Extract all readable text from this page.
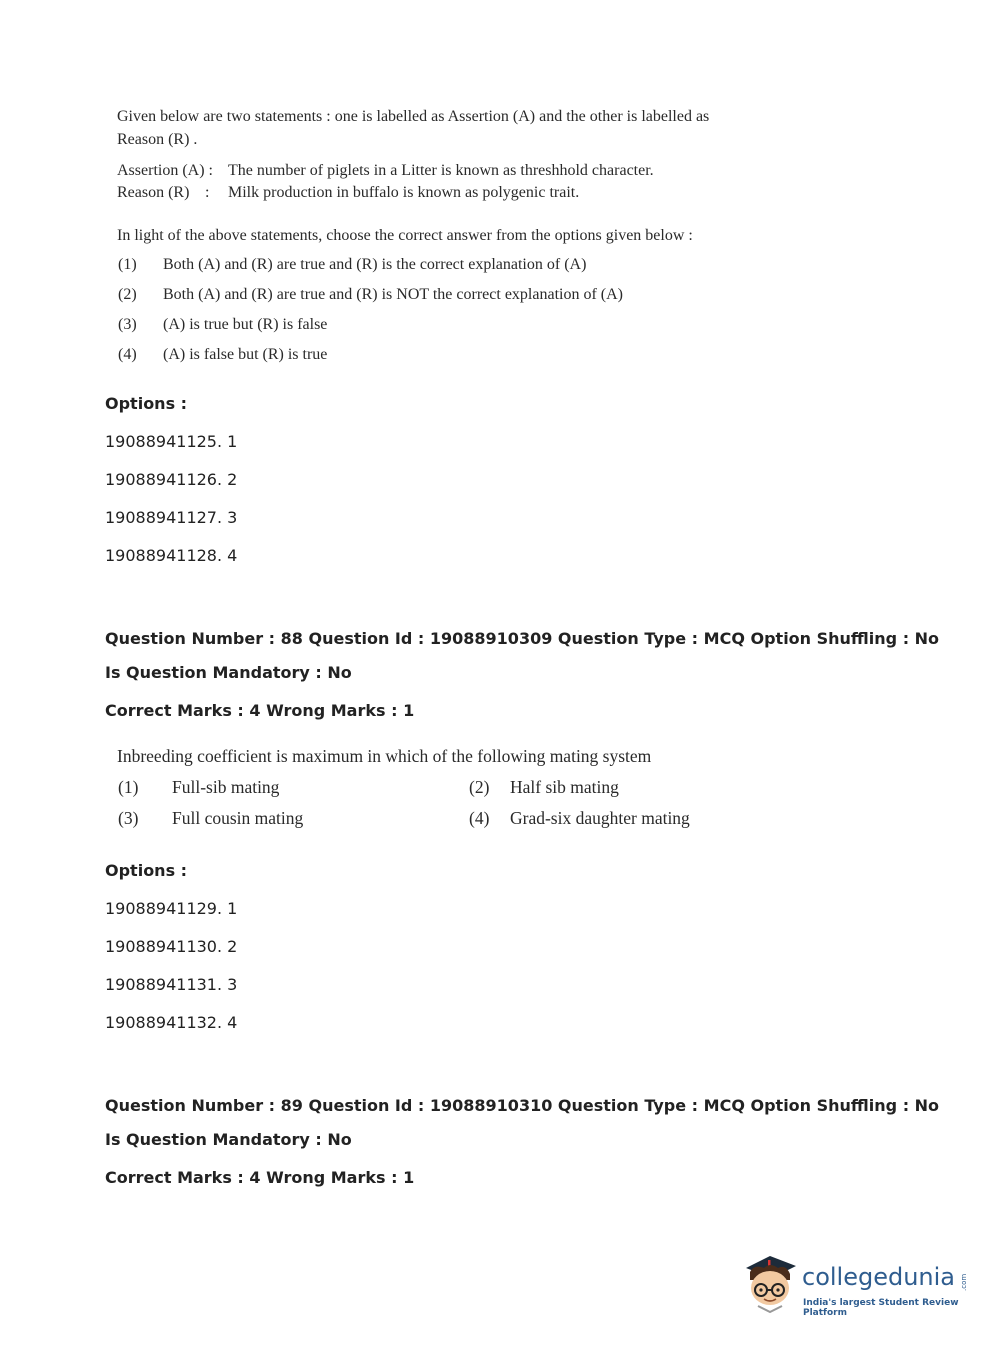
Given below are two statements : one is labelled as Assertion (A) and the other is labelled as
Reason (R) .
Assertion (A) : The number of piglets in a Litter is known as threshhold character.
Reason (R) : Milk production in buffalo is known as polygenic trait.
In light of the above statements, choose the correct answer from the options given below :
(1)	Both (A) and (R) are true and (R) is the correct explanation of (A)
(2)	Both (A) and (R) are true and (R) is NOT the correct explanation of (A)
(3)	(A) is true but (R) is false
(4)	(A) is false but (R) is true
Options :
19088941125. 1
19088941126. 2
19088941127. 3
19088941128. 4
Question Number : 88 Question Id : 19088910309 Question Type : MCQ Option Shuffling : No
Is Question Mandatory : No
Correct Marks : 4 Wrong Marks : 1
Inbreeding coefficient is maximum in which of the following mating system
(1)	Full-sib mating	(2)	Half sib mating
(3)	Full cousin mating	(4)	Grad-six daughter mating
Options :
19088941129. 1
19088941130. 2
19088941131. 3
19088941132. 4
Question Number : 89 Question Id : 19088910310 Question Type : MCQ Option Shuffling : No
Is Question Mandatory : No
Correct Marks : 4 Wrong Marks : 1
collegedunia .com
India's largest Student Review Platform
